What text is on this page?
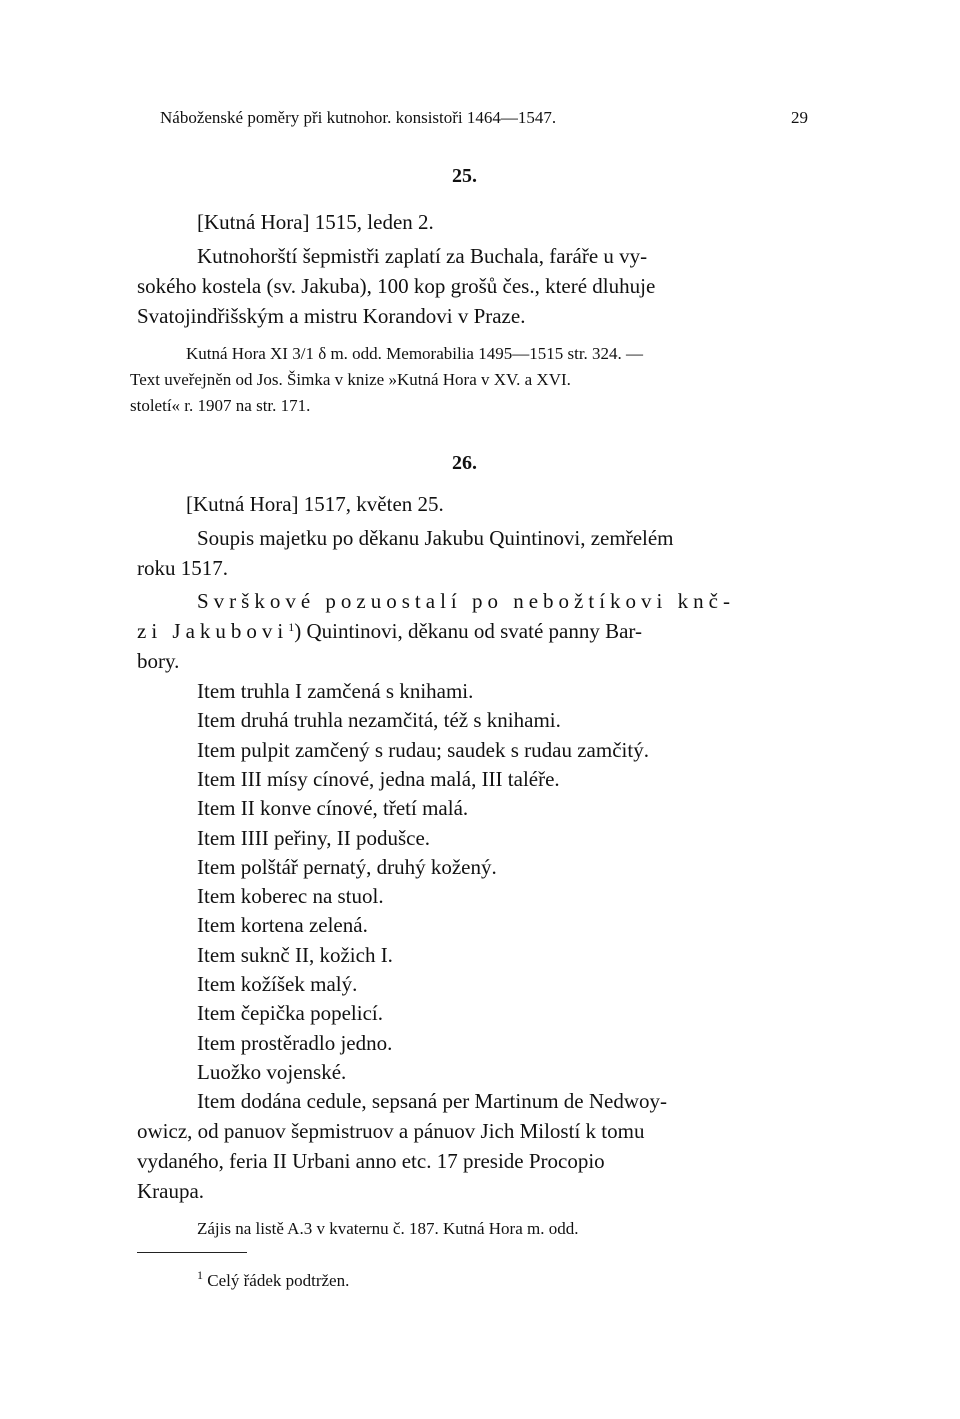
Náboženské poměry při kutnohor. konsistoři 1464—1547.	29
25.
[Kutná Hora] 1515, leden 2.
Kutnohorští šepmistři zaplatí za Buchala, faráře u vy-
sokého kostela (sv. Jakuba), 100 kop grošů čes., které dluhuje
Svatojindřišským a mistru Korandovi v Praze.
Kutná Hora XI 3/1 δ m. odd. Memorabilia 1495—1515 str. 324. —
Text uveřejněn od Jos. Šimka v knize »Kutná Hora v XV. a XVI.
století« r. 1907 na str. 171.
26.
[Kutná Hora] 1517, květen 25.
Soupis majetku po děkanu Jakubu Quintinovi, zemřelém
roku 1517.
Svrškové pozuostalí po nebožtíkovi knč-
zi Jakubovi$^1$) Quintinovi, děkanu od svaté panny Bar-
bory.
Item truhla I zamčená s knihami.
Item druhá truhla nezamčitá, též s knihami.
Item pulpit zamčený s rudau; saudek s rudau zamčitý.
Item III mísy cínové, jedna malá, III taléře.
Item II konve cínové, třetí malá.
Item IIII peřiny, II podušce.
Item polštář pernatý, druhý kožený.
Item koberec na stuol.
Item kortena zelená.
Item suknč II, kožich I.
Item kožíšek malý.
Item čepička popelicí.
Item prostěradlo jedno.
Luožko vojenské.
Item dodána cedule, sepsaná per Martinum de Nedwoy-
owicz, od panuov šepmistruov a pánuov Jich Milostí k tomu
vydaného, feria II Urbani anno etc. 17 preside Procopio
Kraupa.
Zájis na listě A.3 v kvaternu č. 187. Kutná Hora m. odd.
$^1$ Celý řádek podtržen.
